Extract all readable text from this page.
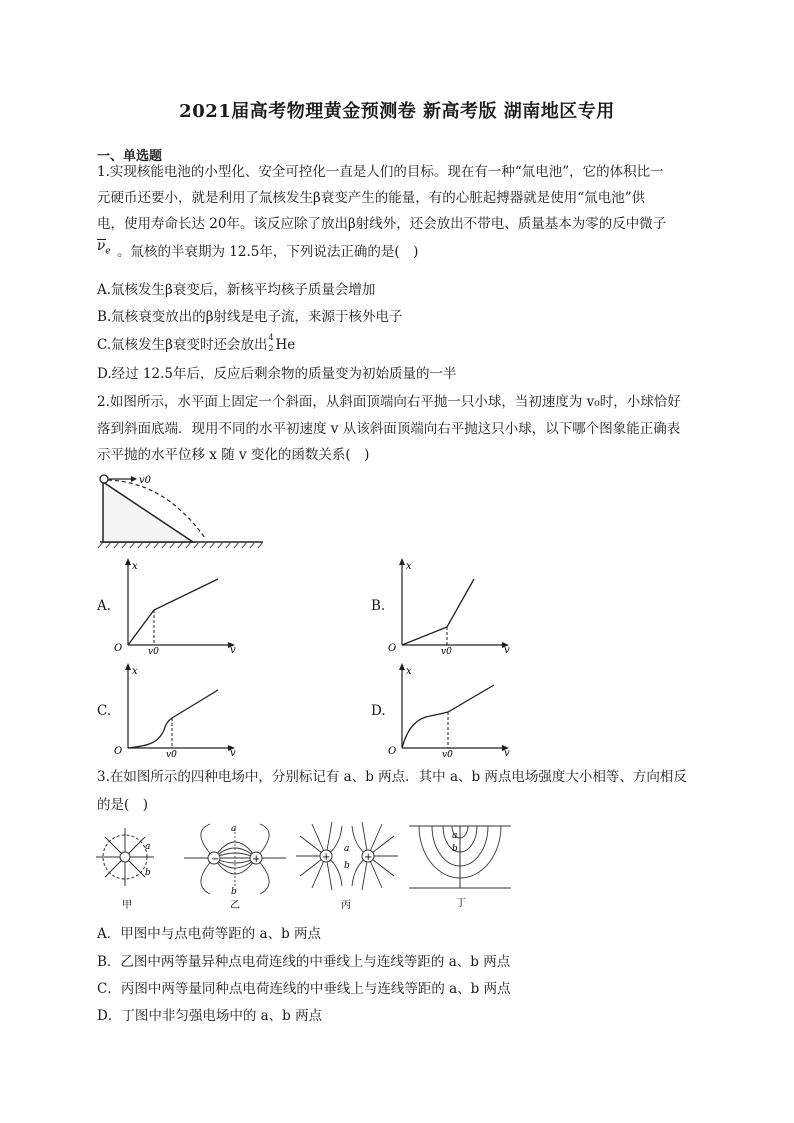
2021届高考物理黄金预测卷 新高考版 湖南地区专用
一、单选题
1.实现核能电池的小型化、安全可控化一直是人们的目标。现在有一种“氚电池”，它的体积比一
元硬币还要小，就是利用了氚核发生β衰变产生的能量，有的心脏起搏器就是使用“氚电池”供
电，使用寿命长达 20年。该反应除了放出β射线外，还会放出不带电、质量基本为零的反中微子
$\nu_e$ 。氚核的半衰期为 12.5年，下列说法正确的是(　)
A.氚核发生β衰变后，新核平均核子质量会增加
B.氚核衰变放出的β射线是电子流，来源于核外电子
C.氚核发生β衰变时还会放出 4
2 He
D.经过 12.5年后，反应后剩余物的质量变为初始质量的一半
2.如图所示，水平面上固定一个斜面，从斜面顶端向右平抛一只小球，当初速度为 v₀时，小球恰好
落到斜面底端．现用不同的水平初速度 v 从该斜面顶端向右平抛这只小球，以下哪个图象能正确表
示平抛的水平位移 x 随 v 变化的函数关系(　)
v0
A.
x
v
O	v0
B.
x
v
O	v0
C.
x
v
O	v0
D.
x
v
O	v0
3.在如图所示的四种电场中，分别标记有 a、b 两点．其中 a、b 两点电场强度大小相等、方向相反
的是(　)
a
b
甲
−	+
a
b
乙
+	+
a
b
丙
a
b
丁
A．甲图中与点电荷等距的 a、b 两点
B．乙图中两等量异种点电荷连线的中垂线上与连线等距的 a、b 两点
C．丙图中两等量同种点电荷连线的中垂线上与连线等距的 a、b 两点
D．丁图中非匀强电场中的 a、b 两点
